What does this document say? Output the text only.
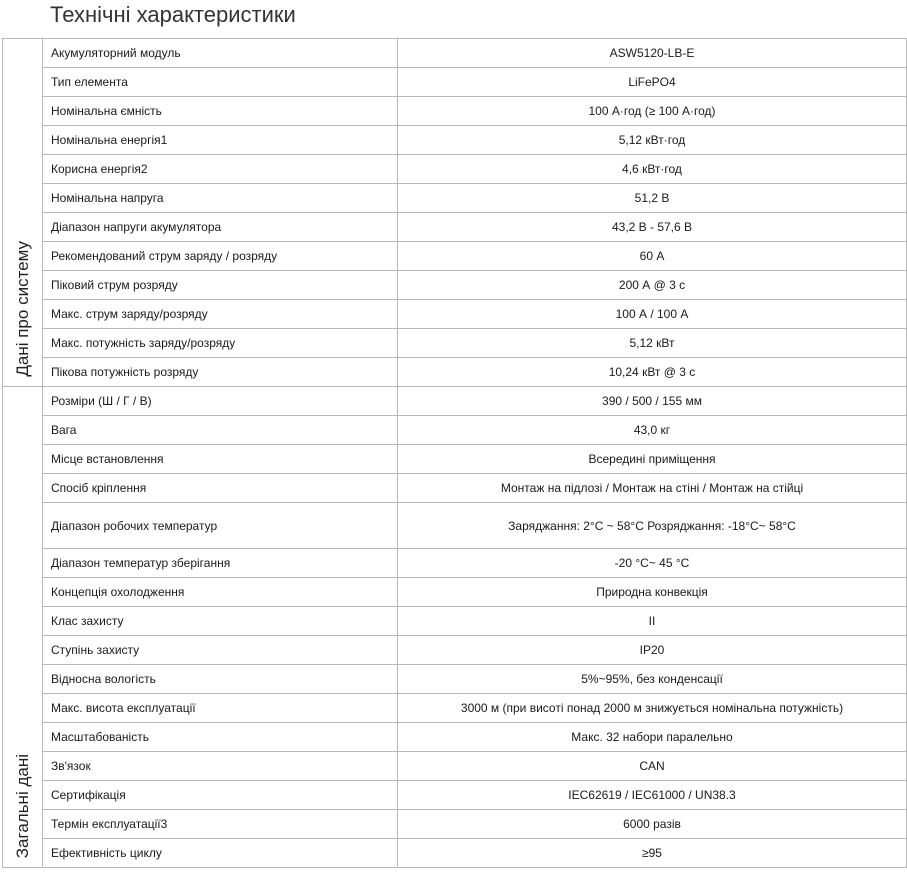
Технічні характеристики
Дані про систему	Акумуляторний модуль	ASW5120-LB-E
	Тип елемента	LiFePO4
	Номінальна ємність	100 А·год (≥ 100 А·год)
	Номінальна енергія1	5,12 кВт·год
	Корисна енергія2	4,6 кВт·год
	Номінальна напруга	51,2 В
	Діапазон напруги акумулятора	43,2 В - 57,6 В
	Рекомендований струм заряду / розряду	60 А
	Піковий струм розряду	200 А @ 3 с
	Макс. струм заряду/розряду	100 А / 100 А
	Макс. потужність заряду/розряду	5,12 кВт
	Пікова потужність розряду	10,24 кВт @ 3 с
Загальні дані	Розміри (Ш / Г / В)	390 / 500 / 155 мм
	Вага	43,0 кг
	Місце встановлення	Всередині приміщення
	Спосіб кріплення	Монтаж на підлозі / Монтаж на стіні / Монтаж на стійці
	Діапазон робочих температур	Заряджання: 2°C ~ 58°C Розряджання: -18°C~ 58°C
	Діапазон температур зберігання	-20 °C~ 45 °C
	Концепція охолодження	Природна конвекція
	Клас захисту	II
	Ступінь захисту	IP20
	Відносна вологість	5%~95%, без конденсації
	Макс. висота експлуатації	3000 м (при висоті понад 2000 м знижується номінальна потужність)
	Масштабованість	Макс. 32 набори паралельно
	Зв'язок	CAN
	Сертифікація	IEC62619 / IEC61000 / UN38.3
	Термін експлуатації3	6000 разів
	Ефективність циклу	≥95
